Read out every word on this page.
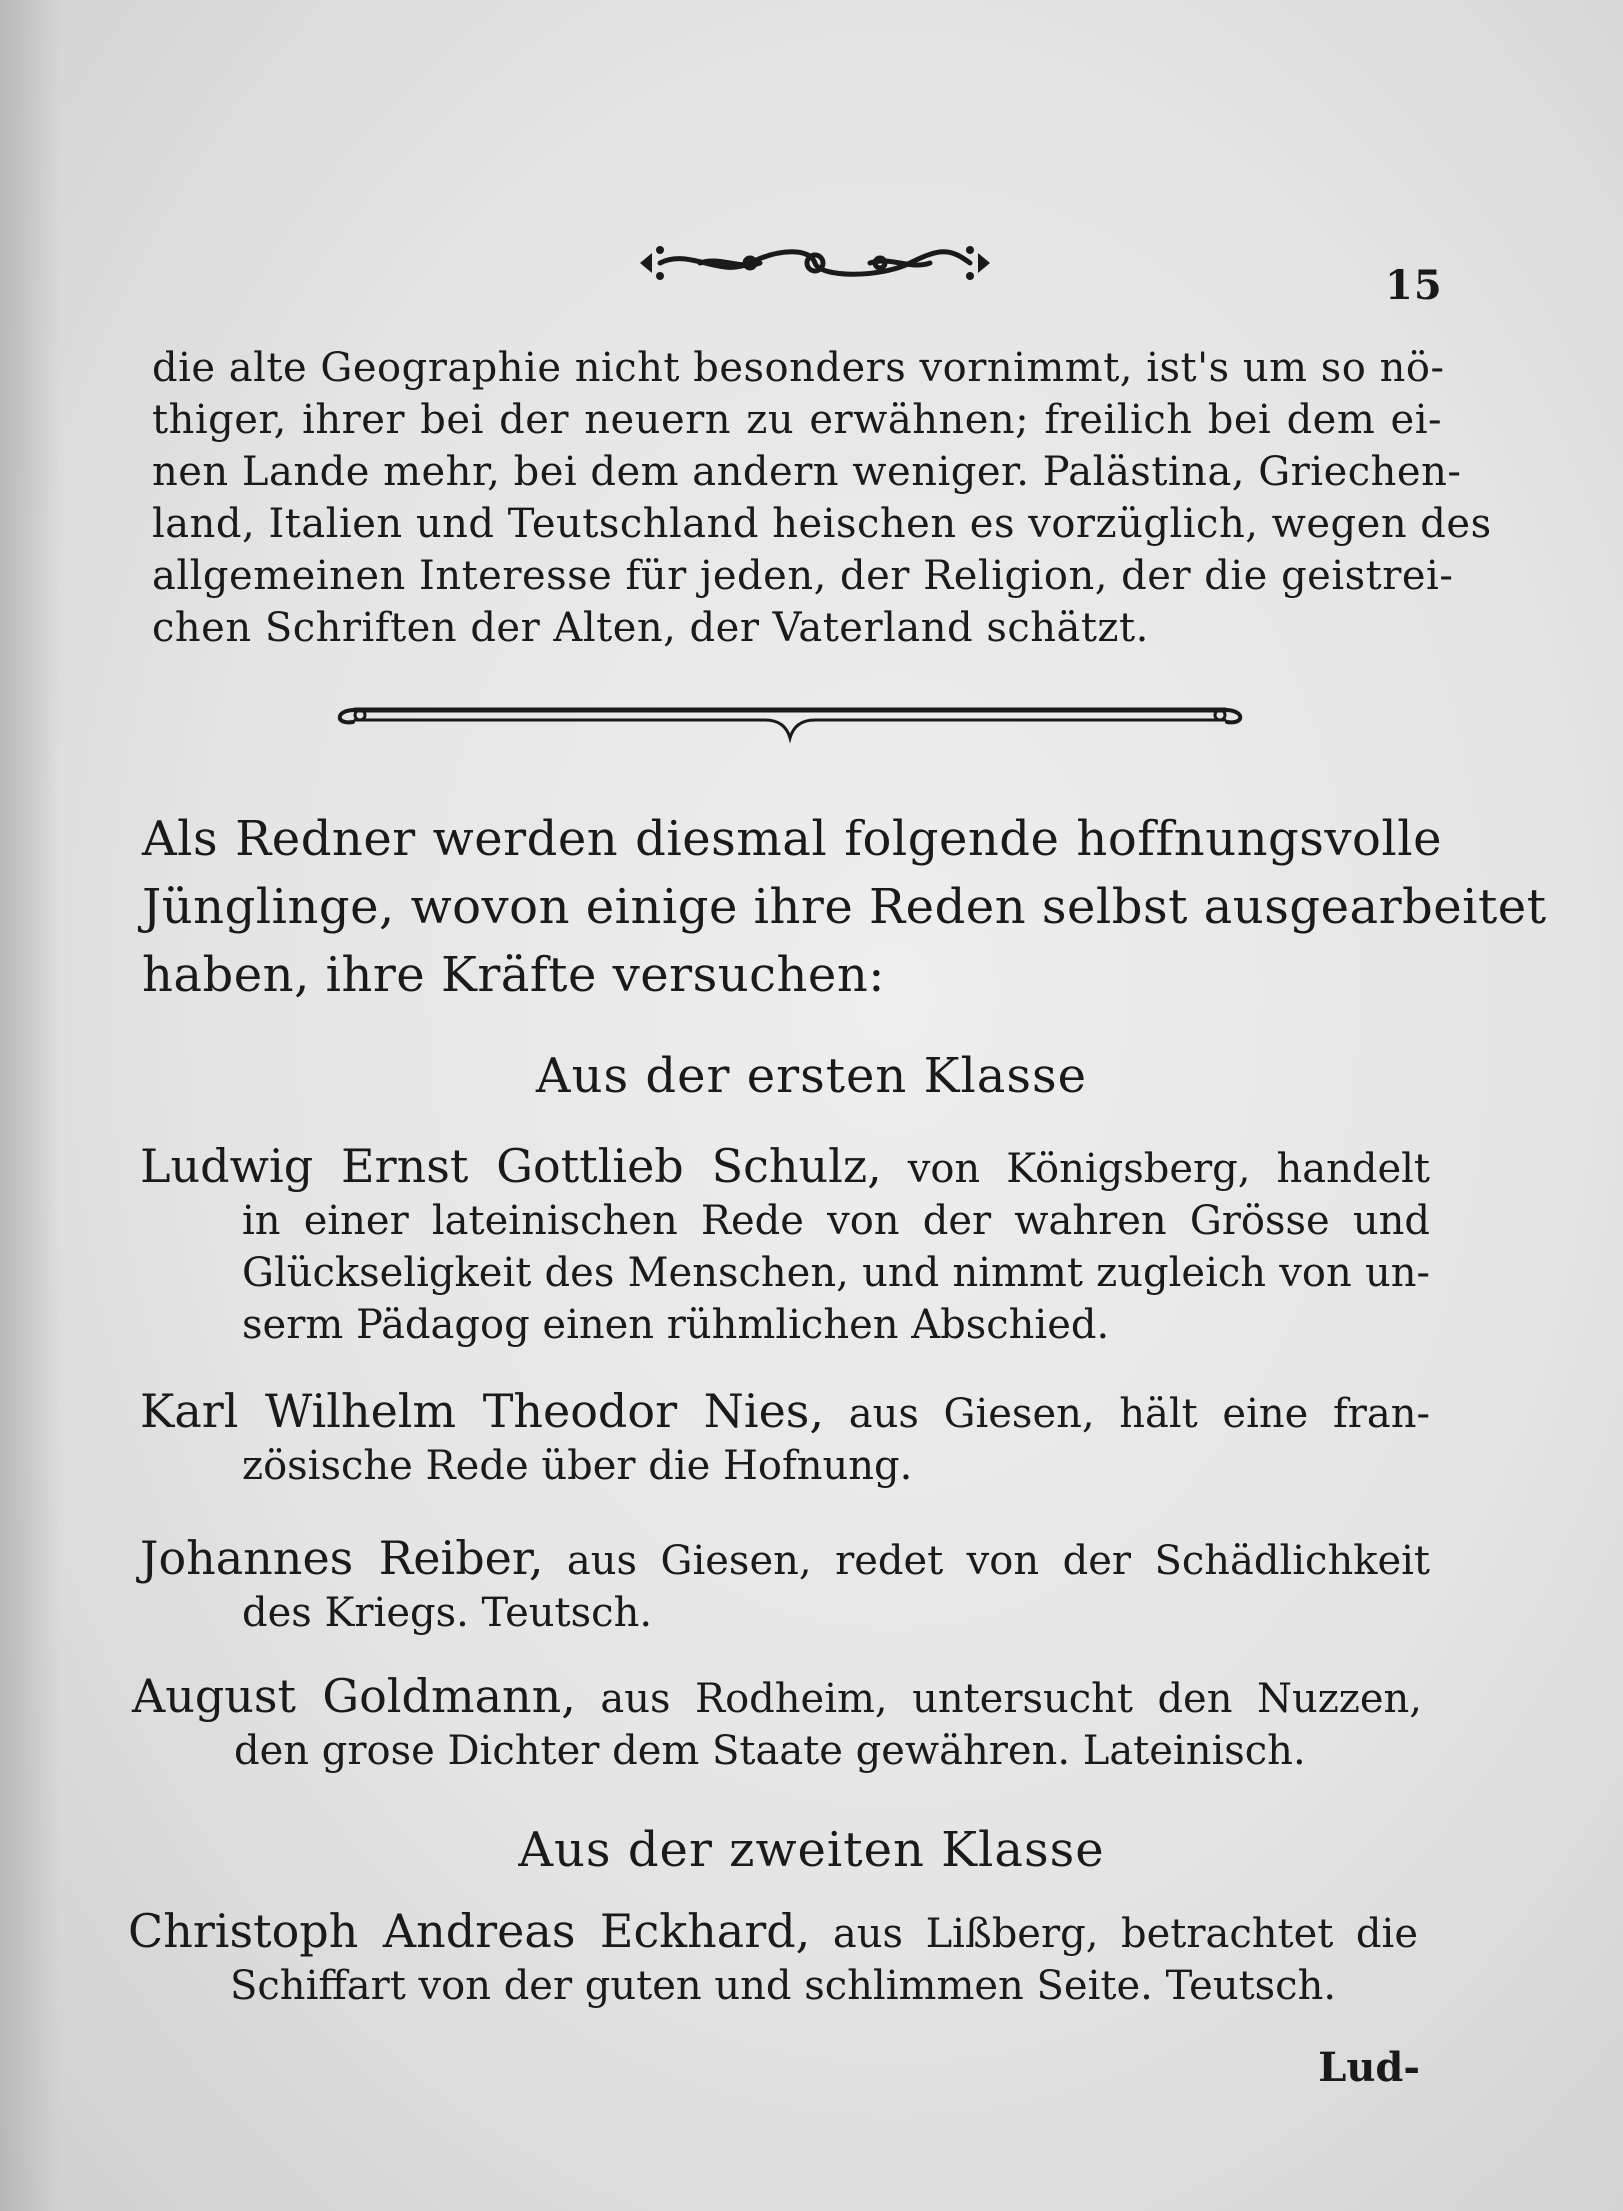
15
die alte Geographie nicht besonders vornimmt, ist's um so nö-
thiger, ihrer bei der neuern zu erwähnen; freilich bei dem ei-
nen Lande mehr, bei dem andern weniger. Palästina, Griechen-
land, Italien und Teutschland heischen es vorzüglich, wegen des
allgemeinen Interesse für jeden, der Religion, der die geistrei-
chen Schriften der Alten, der Vaterland schätzt.
Als Redner werden diesmal folgende hoffnungsvolle
Jünglinge, wovon einige ihre Reden selbst ausgearbeitet
haben, ihre Kräfte versuchen:
Aus der ersten Klasse
Ludwig Ernst Gottlieb Schulz, von Königsberg, handelt
in einer lateinischen Rede von der wahren Grösse und
Glückseligkeit des Menschen, und nimmt zugleich von un-
serm Pädagog einen rühmlichen Abschied.
Karl Wilhelm Theodor Nies, aus Giesen, hält eine fran-
zösische Rede über die Hofnung.
Johannes Reiber, aus Giesen, redet von der Schädlichkeit
des Kriegs. Teutsch.
August Goldmann, aus Rodheim, untersucht den Nuzzen,
den grose Dichter dem Staate gewähren. Lateinisch.
Aus der zweiten Klasse
Christoph Andreas Eckhard, aus Lißberg, betrachtet die
Schiffart von der guten und schlimmen Seite. Teutsch.
Lud-
